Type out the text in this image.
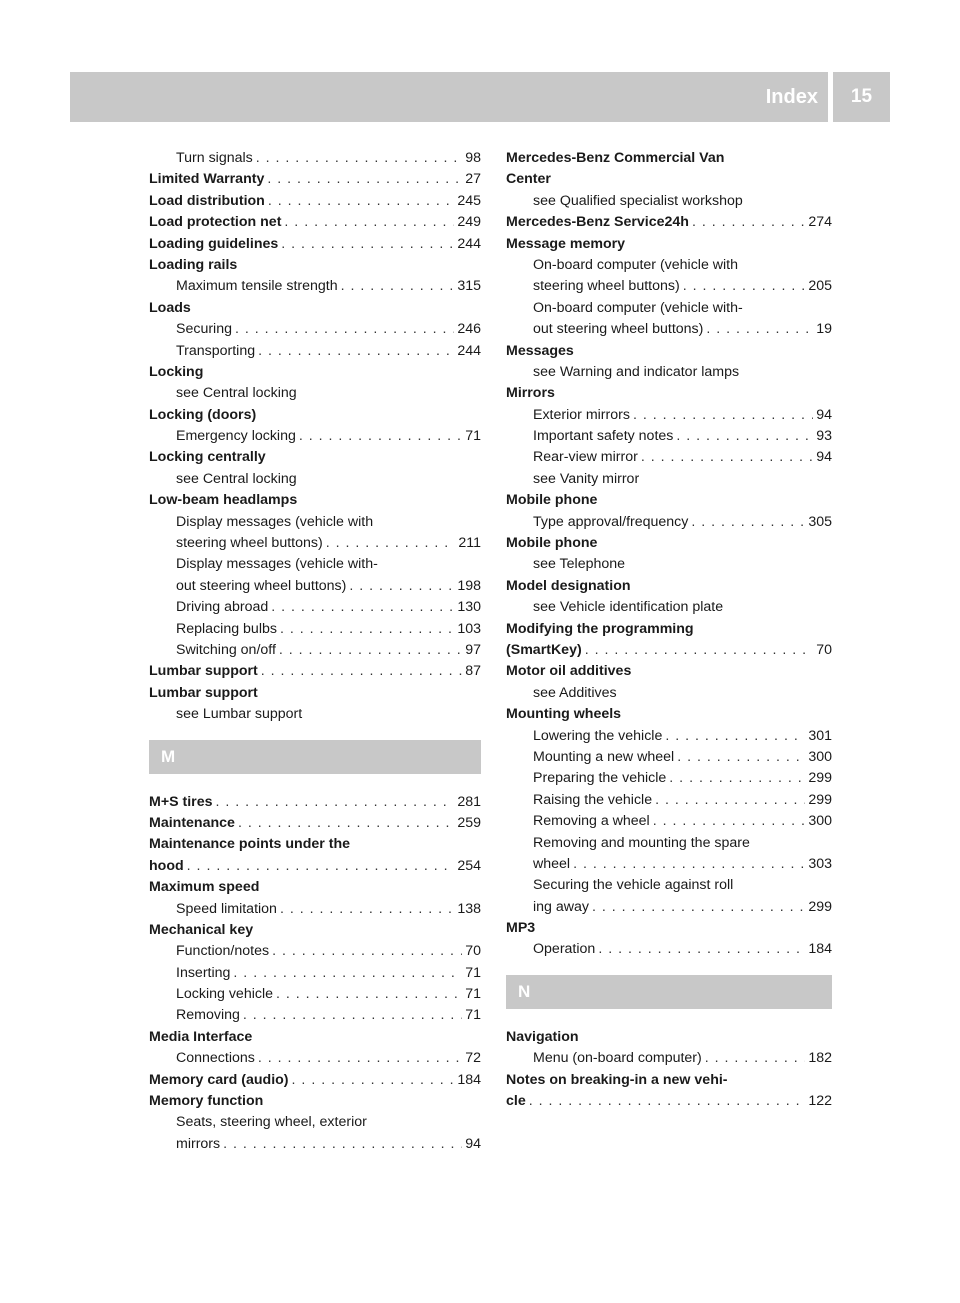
Index	15
Turn signals . . .	98
Limited Warranty . . .	27
Load distribution . . .	245
Load protection net . . .	249
Loading guidelines . . .	244
Loading rails
Maximum tensile strength . . .	315
Loads
Securing . . .	246
Transporting . . .	244
Locking
see Central locking
Locking (doors)
Emergency locking . . .	71
Locking centrally
see Central locking
Low-beam headlamps
Display messages (vehicle with
steering wheel buttons) . . .	211
Display messages (vehicle with-
out steering wheel buttons) . . .	198
Driving abroad . . .	130
Replacing bulbs . . .	103
Switching on/off . . .	97
Lumbar support . . .	87
Lumbar support
see Lumbar support
M
M+S tires . . .	281
Maintenance . . .	259
Maintenance points under the
hood . . .	254
Maximum speed
Speed limitation . . .	138
Mechanical key
Function/notes . . .	70
Inserting . . .	71
Locking vehicle . . .	71
Removing . . .	71
Media Interface
Connections . . .	72
Memory card (audio) . . .	184
Memory function
Seats, steering wheel, exterior
mirrors . . .	94
Mercedes-Benz Commercial Van
Center
see Qualified specialist workshop
Mercedes-Benz Service24h . . .	274
Message memory
On-board computer (vehicle with
steering wheel buttons) . . .	205
On-board computer (vehicle with-
out steering wheel buttons) . . .	19
Messages
see Warning and indicator lamps
Mirrors
Exterior mirrors . . .	94
Important safety notes . . .	93
Rear-view mirror . . .	94
see Vanity mirror
Mobile phone
Type approval/frequency . . .	305
Mobile phone
see Telephone
Model designation
see Vehicle identification plate
Modifying the programming
(SmartKey) . . .	70
Motor oil additives
see Additives
Mounting wheels
Lowering the vehicle . . .	301
Mounting a new wheel . . .	300
Preparing the vehicle . . .	299
Raising the vehicle . . .	299
Removing a wheel . . .	300
Removing and mounting the spare
wheel . . .	303
Securing the vehicle against roll
ing away . . .	299
MP3
Operation . . .	184
N
Navigation
Menu (on-board computer) . . .	182
Notes on breaking-in a new vehi-
cle . . .	122
